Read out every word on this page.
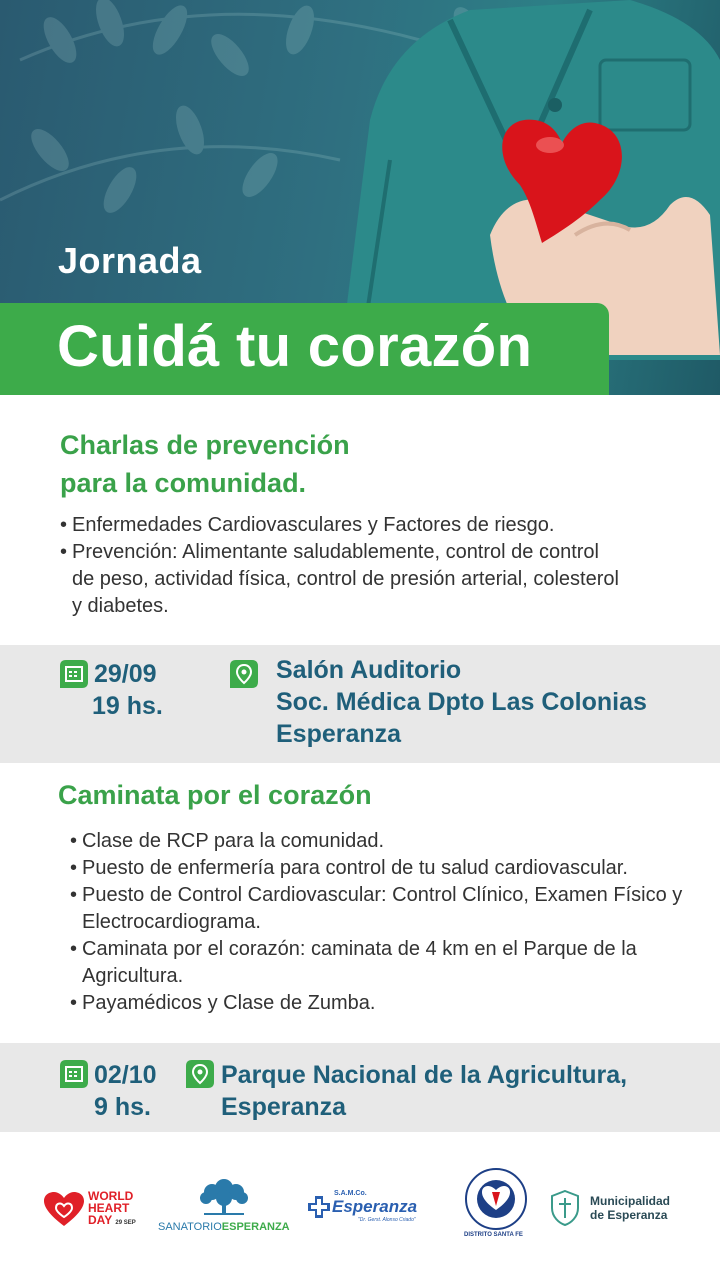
Jornada
Cuidá tu corazón
Charlas de prevención
para la comunidad.
• Enfermedades Cardiovasculares y Factores de riesgo.
• Prevención: Alimentante saludablemente, control de control de peso, actividad física, control de presión arterial, colesterol y diabetes.
29/09
19 hs.
Salón Auditorio
Soc. Médica Dpto Las Colonias
Esperanza
Caminata por el corazón
• Clase de RCP para la comunidad.
• Puesto de enfermería para control de tu salud cardiovascular.
• Puesto de Control Cardiovascular: Control Clínico, Examen Físico y Electrocardiograma.
• Caminata por el corazón: caminata de 4 km en el Parque de la Agricultura.
• Payamédicos y Clase de Zumba.
02/10
9 hs.
Parque Nacional de la Agricultura,
Esperanza
WORLD
HEART
DAY 29 SEP SANATORIOESPERANZA
S.A.M.Co.
Esperanza
"Dr. Gerst. Alonso Criado"
DISTRITO SANTA FE
Municipalidad
de Esperanza
